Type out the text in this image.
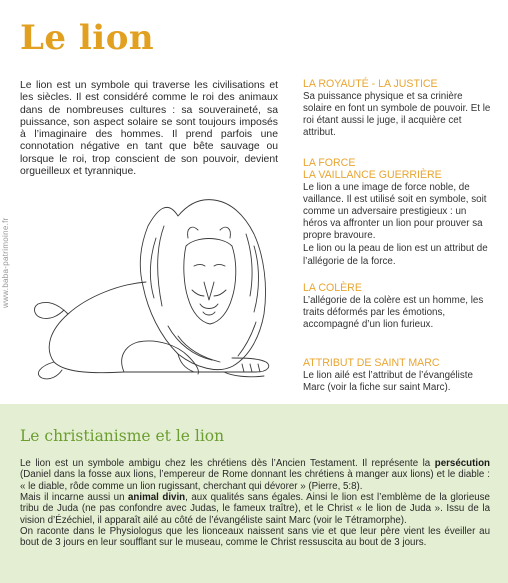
Le lion

Le lion est un symbole qui traverse les civilisations et les siècles. Il est considéré comme le roi des animaux dans de nombreuses cultures : sa souveraineté, sa puissance, son aspect solaire se sont toujours imposés à l’imaginaire des hommes. Il prend parfois une connotation négative en tant que bête sauvage ou lorsque le roi, trop conscient de son pouvoir, devient orgueilleux et tyrannique.

www.baba-patrimoine.fr

LA ROYAUTÉ - LA JUSTICE

Sa puissance physique et sa crinière solaire en font un symbole de pouvoir. Et le roi étant aussi le juge, il acquière cet attribut.

LA FORCE

LA VAILLANCE GUERRIÈRE

Le lion a une image de force noble, de vaillance. Il est utilisé soit en symbole, soit comme un adversaire prestigieux : un héros va affronter un lion pour prouver sa propre bravoure.

Le lion ou la peau de lion est un attribut de l’allégorie de la force.

LA COLÈRE

L’allégorie de la colère est un homme, les traits déformés par les émotions, accompagné d’un lion furieux.

ATTRIBUT DE SAINT MARC

Le lion ailé est l’attribut de l’évangéliste Marc (voir la fiche sur saint Marc).

Le christianisme et le lion
Le lion est un symbole ambigu chez les chrétiens dès l’Ancien Testament. Il représente la persécution (Daniel dans la fosse aux lions, l’empereur de Rome donnant les chrétiens à manger aux lions) et le diable : « le diable, rôde comme un lion rugissant, cherchant qui dévorer » (Pierre, 5:8).
Mais il incarne aussi un animal divin, aux qualités sans égales. Ainsi le lion est l’emblème de la glorieuse tribu de Juda (ne pas confondre avec Judas, le fameux traître), et le Christ « le lion de Juda ». Issu de la vision d’Ézéchiel, il apparaît ailé au côté de l’évangéliste saint Marc (voir le Tétramorphe).
On raconte dans le Physiologus que les lionceaux naissent sans vie et que leur père vient les éveiller au bout de 3 jours en leur soufflant sur le museau, comme le Christ ressuscita au bout de 3 jours.
